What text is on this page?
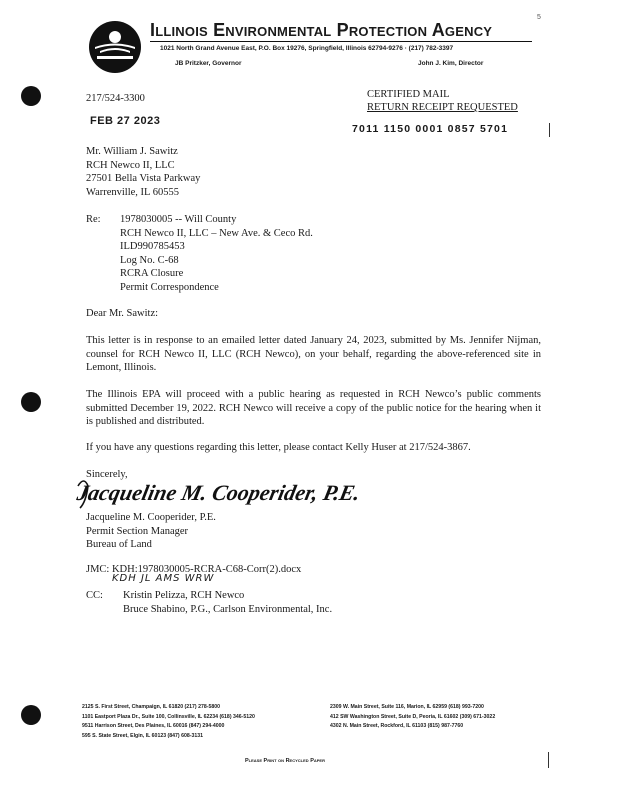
5
Illinois Environmental Protection Agency
1021 North Grand Avenue East, P.O. Box 19276, Springfield, Illinois 62794-9276 · (217) 782-3397
JB Pritzker, Governor	John J. Kim, Director
217/524-3300
FEB 27 2023
CERTIFIED MAIL
RETURN RECEIPT REQUESTED
7011 1150 0001 0857 5701
Mr. William J. Sawitz
RCH Newco II, LLC
27501 Bella Vista Parkway
Warrenville, IL 60555
Re: 1978030005 -- Will County
RCH Newco II, LLC – New Ave. & Ceco Rd.
ILD990785453
Log No. C-68
RCRA Closure
Permit Correspondence
Dear Mr. Sawitz:
This letter is in response to an emailed letter dated January 24, 2023, submitted by Ms. Jennifer Nijman, counsel for RCH Newco II, LLC (RCH Newco), on your behalf, regarding the above-referenced site in Lemont, Illinois.
The Illinois EPA will proceed with a public hearing as requested in RCH Newco’s public comments submitted December 19, 2022. RCH Newco will receive a copy of the public notice for the hearing when it is published and distributed.
If you have any questions regarding this letter, please contact Kelly Huser at 217/524-3867.
Sincerely,
Jacqueline M. Cooperider, P.E.
Jacqueline M. Cooperider, P.E.
Permit Section Manager
Bureau of Land
JMC: KDH:1978030005-RCRA-C68-Corr(2).docx
KDH JL AMS WRW
CC: Kristin Pelizza, RCH Newco
Bruce Shabino, P.G., Carlson Environmental, Inc.
2125 S. First Street, Champaign, IL 61820 (217) 278-5800
1101 Eastport Plaza Dr., Suite 100, Collinsville, IL 62234 (618) 346-5120
9511 Harrison Street, Des Plaines, IL 60016 (847) 294-4000
595 S. State Street, Elgin, IL 60123 (847) 608-3131
2309 W. Main Street, Suite 116, Marion, IL 62959 (618) 993-7200
412 SW Washington Street, Suite D, Peoria, IL 61602 (309) 671-3022
4302 N. Main Street, Rockford, IL 61103 (815) 987-7760
Please Print on Recycled Paper
